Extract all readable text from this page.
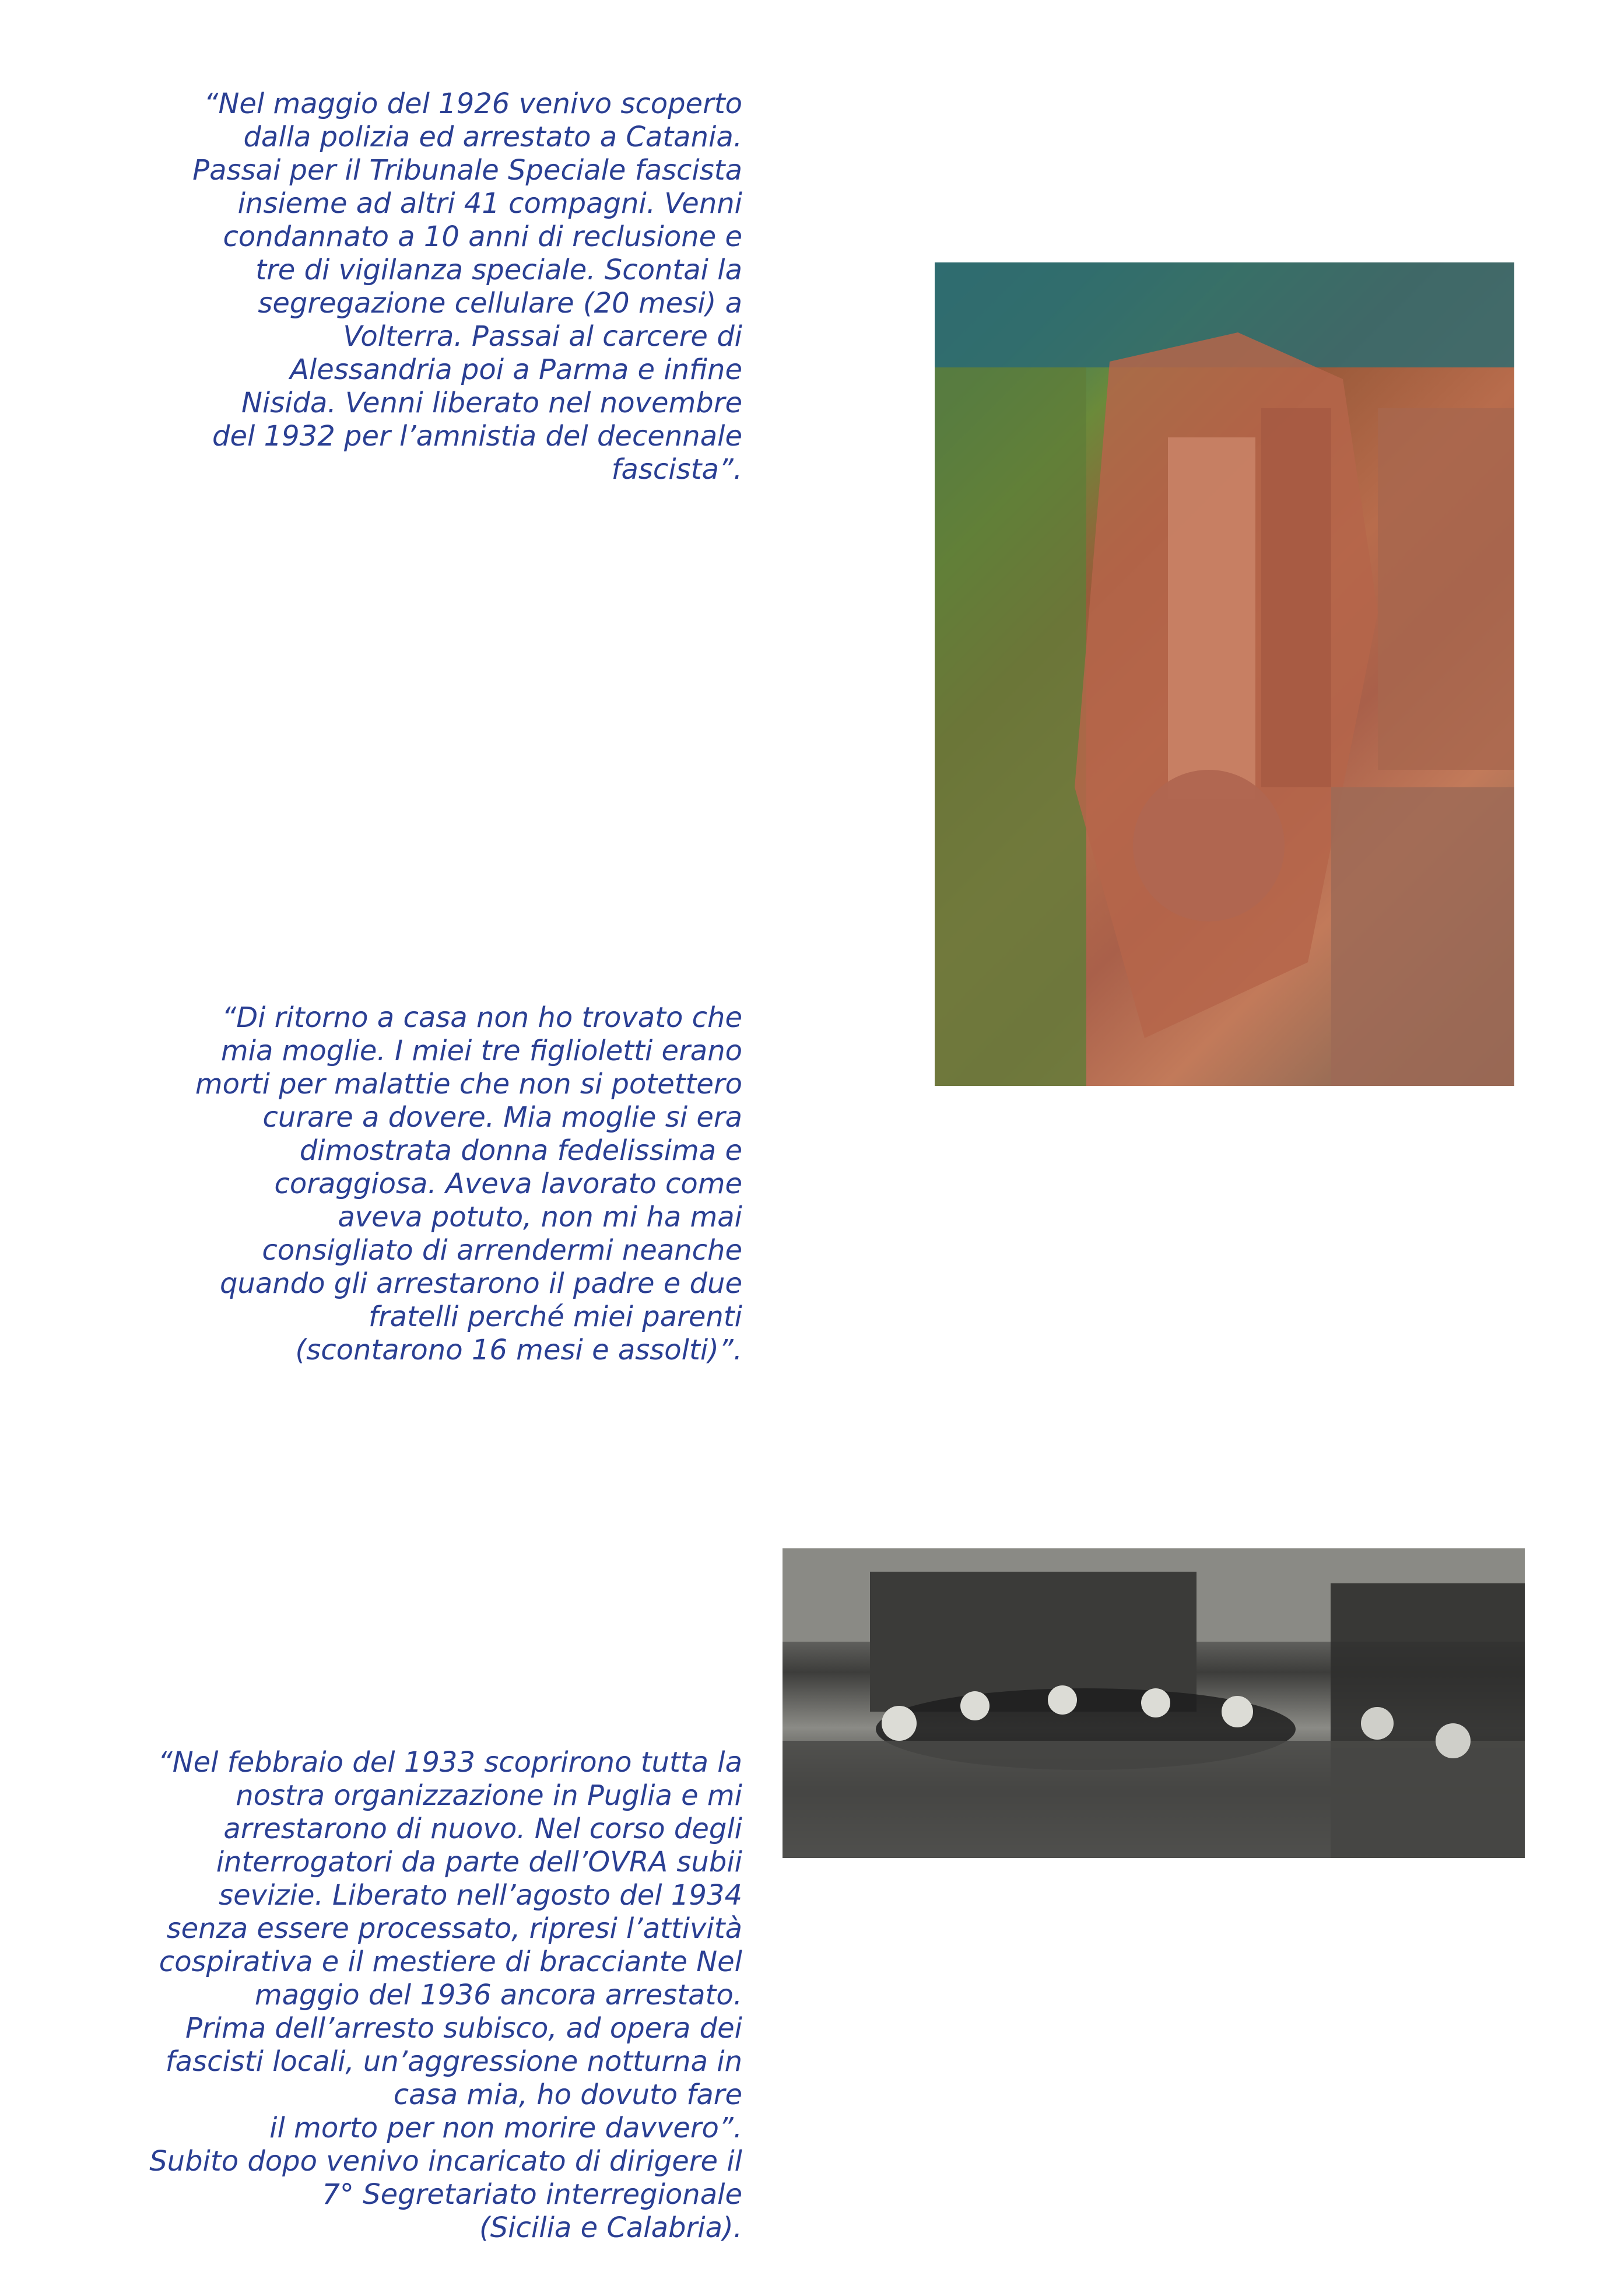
“Nel maggio del 1926 venivo scoperto
dalla polizia ed arrestato a Catania.
Passai per il Tribunale Speciale fascista
insieme ad altri 41 compagni. Venni
condannato a 10 anni di reclusione e
tre di vigilanza speciale. Scontai la
segregazione cellulare (20 mesi) a
Volterra. Passai al carcere di
Alessandria poi a Parma e infine
Nisida. Venni liberato nel novembre
del 1932 per l’amnistia del decennale
fascista”.
“Di ritorno a casa non ho trovato che
mia moglie. I miei tre figlioletti erano
morti per malattie che non si potettero
curare a dovere. Mia moglie si era
dimostrata donna fedelissima e
coraggiosa. Aveva lavorato come
aveva potuto, non mi ha mai
consigliato di arrendermi neanche
quando gli arrestarono il padre e due
fratelli perché miei parenti
(scontarono 16 mesi e assolti)”.
“Nel febbraio del 1933 scoprirono tutta la
nostra organizzazione in Puglia e mi
arrestarono di nuovo. Nel corso degli
interrogatori da parte dell’OVRA subii
sevizie. Liberato nell’agosto del 1934
senza essere processato, ripresi l’attività
cospirativa e il mestiere di bracciante Nel
maggio del 1936 ancora arrestato.
Prima dell’arresto subisco, ad opera dei
fascisti locali, un’aggressione notturna in
casa mia, ho dovuto fare
il morto per non morire davvero”.
Subito dopo venivo incaricato di dirigere il
7° Segretariato interregionale
(Sicilia e Calabria).
